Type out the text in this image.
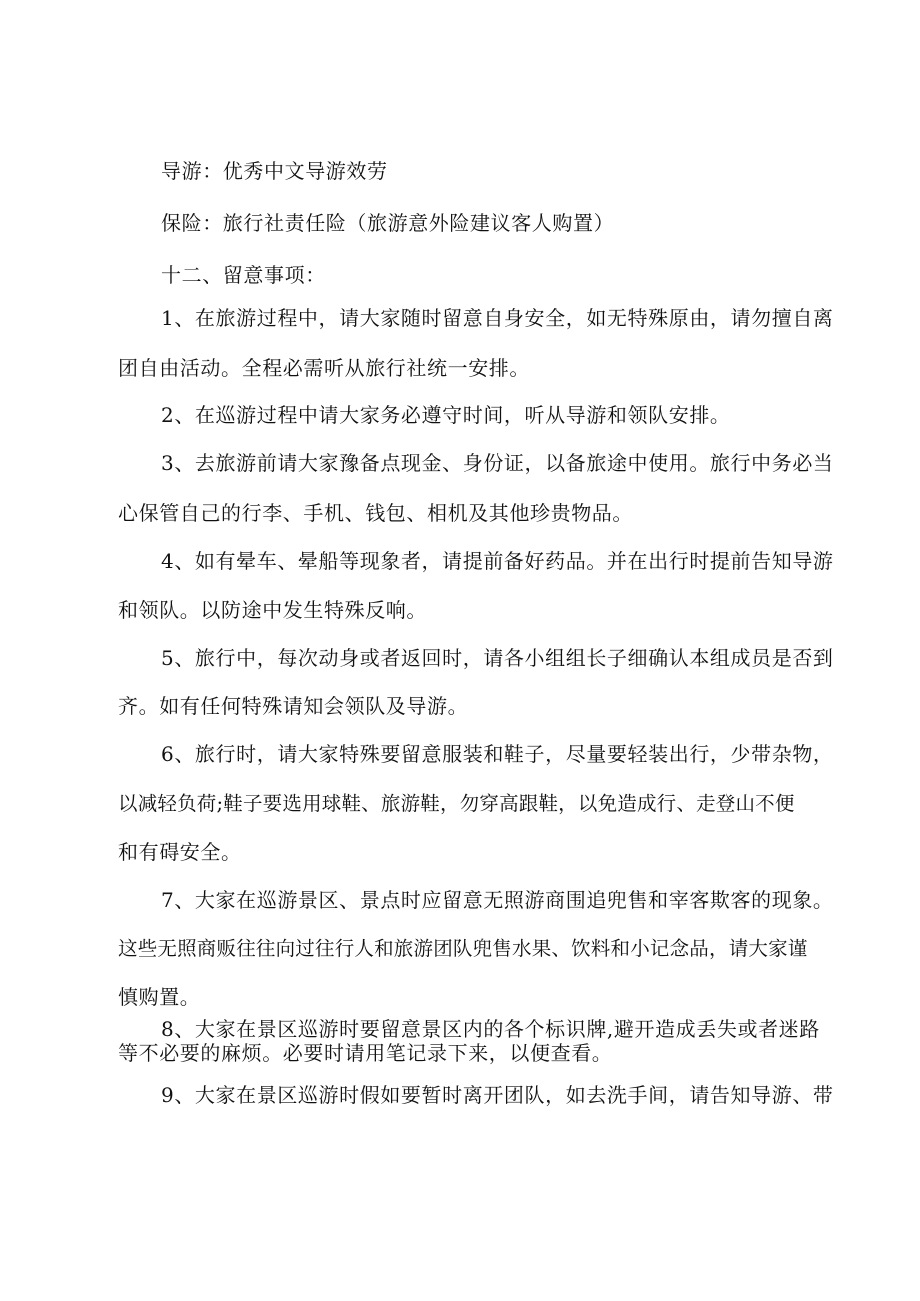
导游：优秀中文导游效劳
保险：旅行社责任险（旅游意外险建议客人购置）
十二、留意事项：
1、在旅游过程中，请大家随时留意自身安全，如无特殊原由，请勿擅自离
团自由活动。全程必需听从旅行社统一安排。
2、在巡游过程中请大家务必遵守时间，听从导游和领队安排。
3、去旅游前请大家豫备点现金、身份证，以备旅途中使用。旅行中务必当
心保管自己的行李、手机、钱包、相机及其他珍贵物品。
4、如有晕车、晕船等现象者，请提前备好药品。并在出行时提前告知导游
和领队。以防途中发生特殊反响。
5、旅行中，每次动身或者返回时，请各小组组长子细确认本组成员是否到
齐。如有任何特殊请知会领队及导游。
6、旅行时，请大家特殊要留意服装和鞋子，尽量要轻装出行，少带杂物，
以减轻负荷;鞋子要选用球鞋、旅游鞋，勿穿高跟鞋，以免造成行、走登山不便
和有碍安全。
7、大家在巡游景区、景点时应留意无照游商围追兜售和宰客欺客的现象。
这些无照商贩往往向过往行人和旅游团队兜售水果、饮料和小记念品，请大家谨
慎购置。
8、大家在景区巡游时要留意景区内的各个标识牌,避开造成丢失或者迷路
等不必要的麻烦。必要时请用笔记录下来，以便查看。
9、大家在景区巡游时假如要暂时离开团队，如去洗手间，请告知导游、带
